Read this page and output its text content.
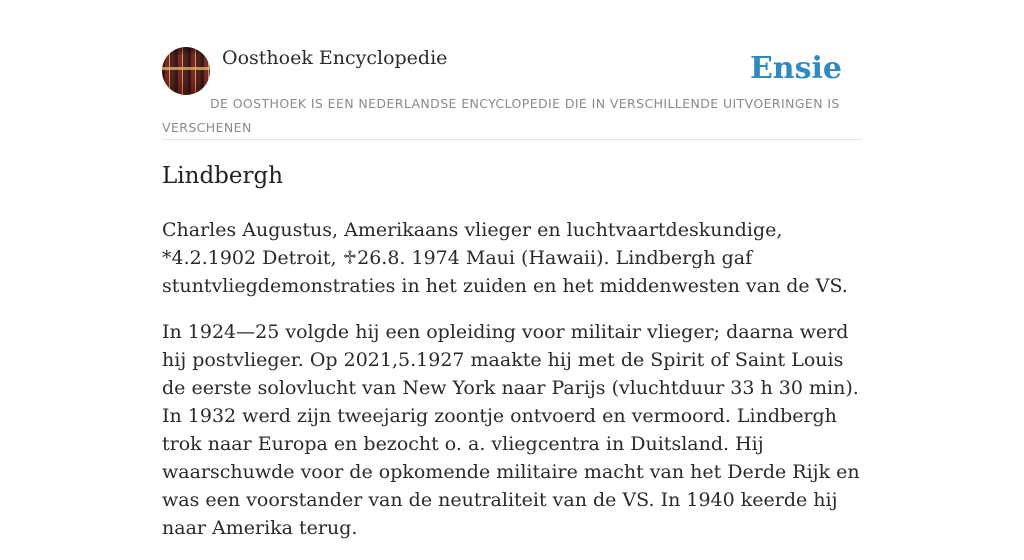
Oosthoek Encyclopedie	Ensie
DE OOSTHOEK IS EEN NEDERLANDSE ENCYCLOPEDIE DIE IN VERSCHILLENDE UITVOERINGEN IS VERSCHENEN
Lindbergh

Charles Augustus, Amerikaans vlieger en luchtvaartdeskundige, *4.2.1902 Detroit, ♱26.8. 1974 Maui (Hawaii). Lindbergh gaf stuntvliegdemonstraties in het zuiden en het middenwesten van de VS.

In 1924—25 volgde hij een opleiding voor militair vlieger; daarna werd hij postvlieger. Op 2021,5.1927 maakte hij met de Spirit of Saint Louis de eerste solovlucht van New York naar Parijs (vluchtduur 33 h 30 min). In 1932 werd zijn tweejarig zoontje ontvoerd en vermoord. Lindbergh trok naar Europa en bezocht o. a. vliegcentra in Duitsland. Hij waarschuwde voor de opkomende militaire macht van het Derde Rijk en was een voorstander van de neutraliteit van de VS. In 1940 keerde hij naar Amerika terug.
